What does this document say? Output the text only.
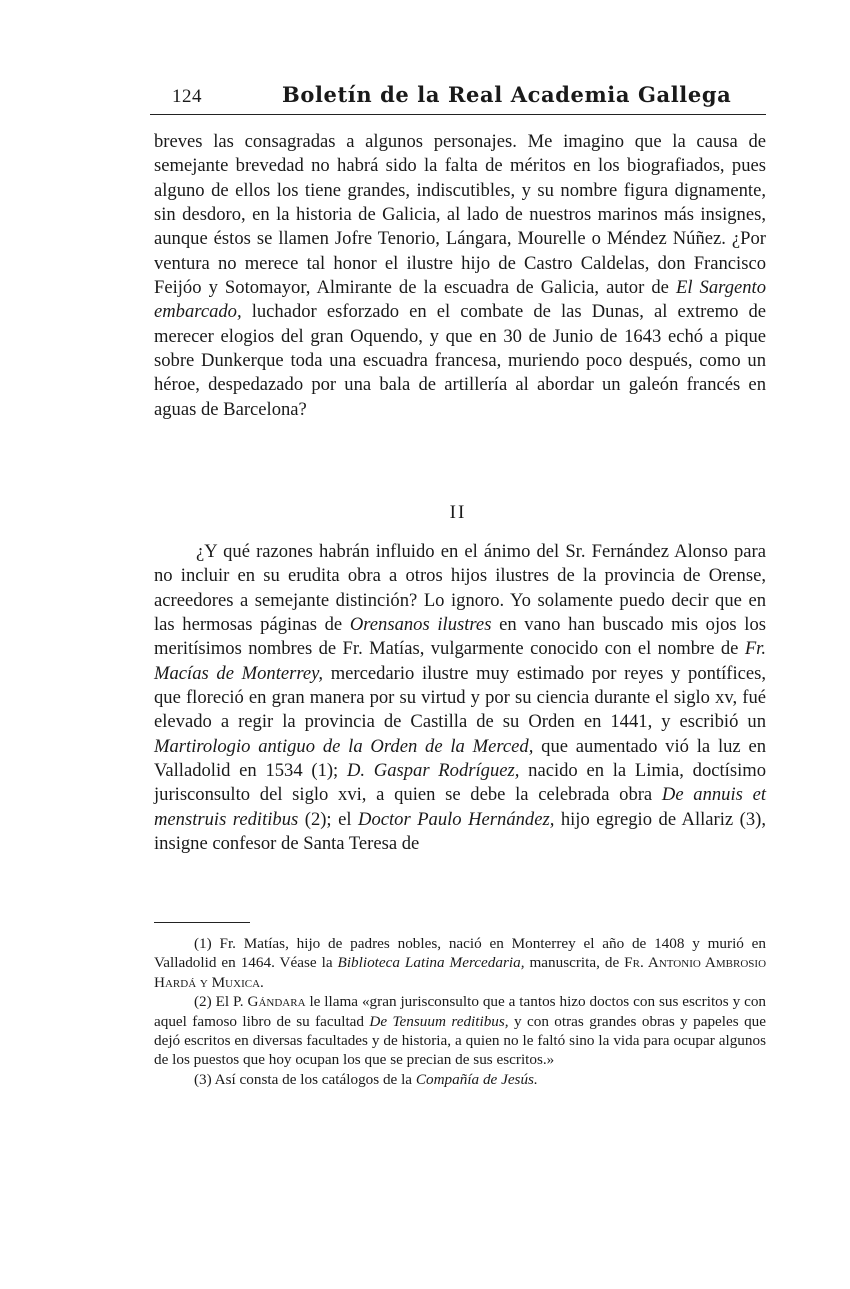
124	Boletín de la Real Academia Gallega

breves las consagradas a algunos personajes. Me imagino que la causa de semejante brevedad no habrá sido la falta de méritos en los biografiados, pues alguno de ellos los tiene grandes, indiscutibles, y su nombre figura dignamente, sin desdoro, en la historia de Galicia, al lado de nuestros marinos más insignes, aunque éstos se llamen Jofre Tenorio, Lángara, Mourelle o Méndez Núñez. ¿Por ventura no merece tal honor el ilustre hijo de Castro Caldelas, don Francisco Feijóo y Sotomayor, Almirante de la escuadra de Galicia, autor de El Sargento embarcado, luchador esforzado en el combate de las Dunas, al extremo de merecer elogios del gran Oquendo, y que en 30 de Junio de 1643 echó a pique sobre Dunkerque toda una escuadra francesa, muriendo poco después, como un héroe, despedazado por una bala de artillería al abordar un galeón francés en aguas de Barcelona?

II

¿Y qué razones habrán influido en el ánimo del Sr. Fernández Alonso para no incluir en su erudita obra a otros hijos ilustres de la provincia de Orense, acreedores a semejante distinción? Lo ignoro. Yo solamente puedo decir que en las hermosas páginas de Orensanos ilustres en vano han buscado mis ojos los meritísimos nombres de Fr. Matías, vulgarmente conocido con el nombre de Fr. Macías de Monterrey, mercedario ilustre muy estimado por reyes y pontífices, que floreció en gran manera por su virtud y por su ciencia durante el siglo xv, fué elevado a regir la provincia de Castilla de su Orden en 1441, y escribió un Martirologio antiguo de la Orden de la Merced, que aumentado vió la luz en Valladolid en 1534 (1); D. Gaspar Rodríguez, nacido en la Limia, doctísimo jurisconsulto del siglo xvi, a quien se debe la celebrada obra De annuis et menstruis reditibus (2); el Doctor Paulo Hernández, hijo egregio de Allariz (3), insigne confesor de Santa Teresa de

(1) Fr. Matías, hijo de padres nobles, nació en Monterrey el año de 1408 y murió en Valladolid en 1464. Véase la Biblioteca Latina Mercedaria, manuscrita, de Fr. Antonio Ambrosio Hardá y Muxica.

(2) El P. Gándara le llama «gran jurisconsulto que a tantos hizo doctos con sus escritos y con aquel famoso libro de su facultad De Tensuum reditibus, y con otras grandes obras y papeles que dejó escritos en diversas facultades y de historia, a quien no le faltó sino la vida para ocupar algunos de los puestos que hoy ocupan los que se precian de sus escritos.»

(3) Así consta de los catálogos de la Compañía de Jesús.
